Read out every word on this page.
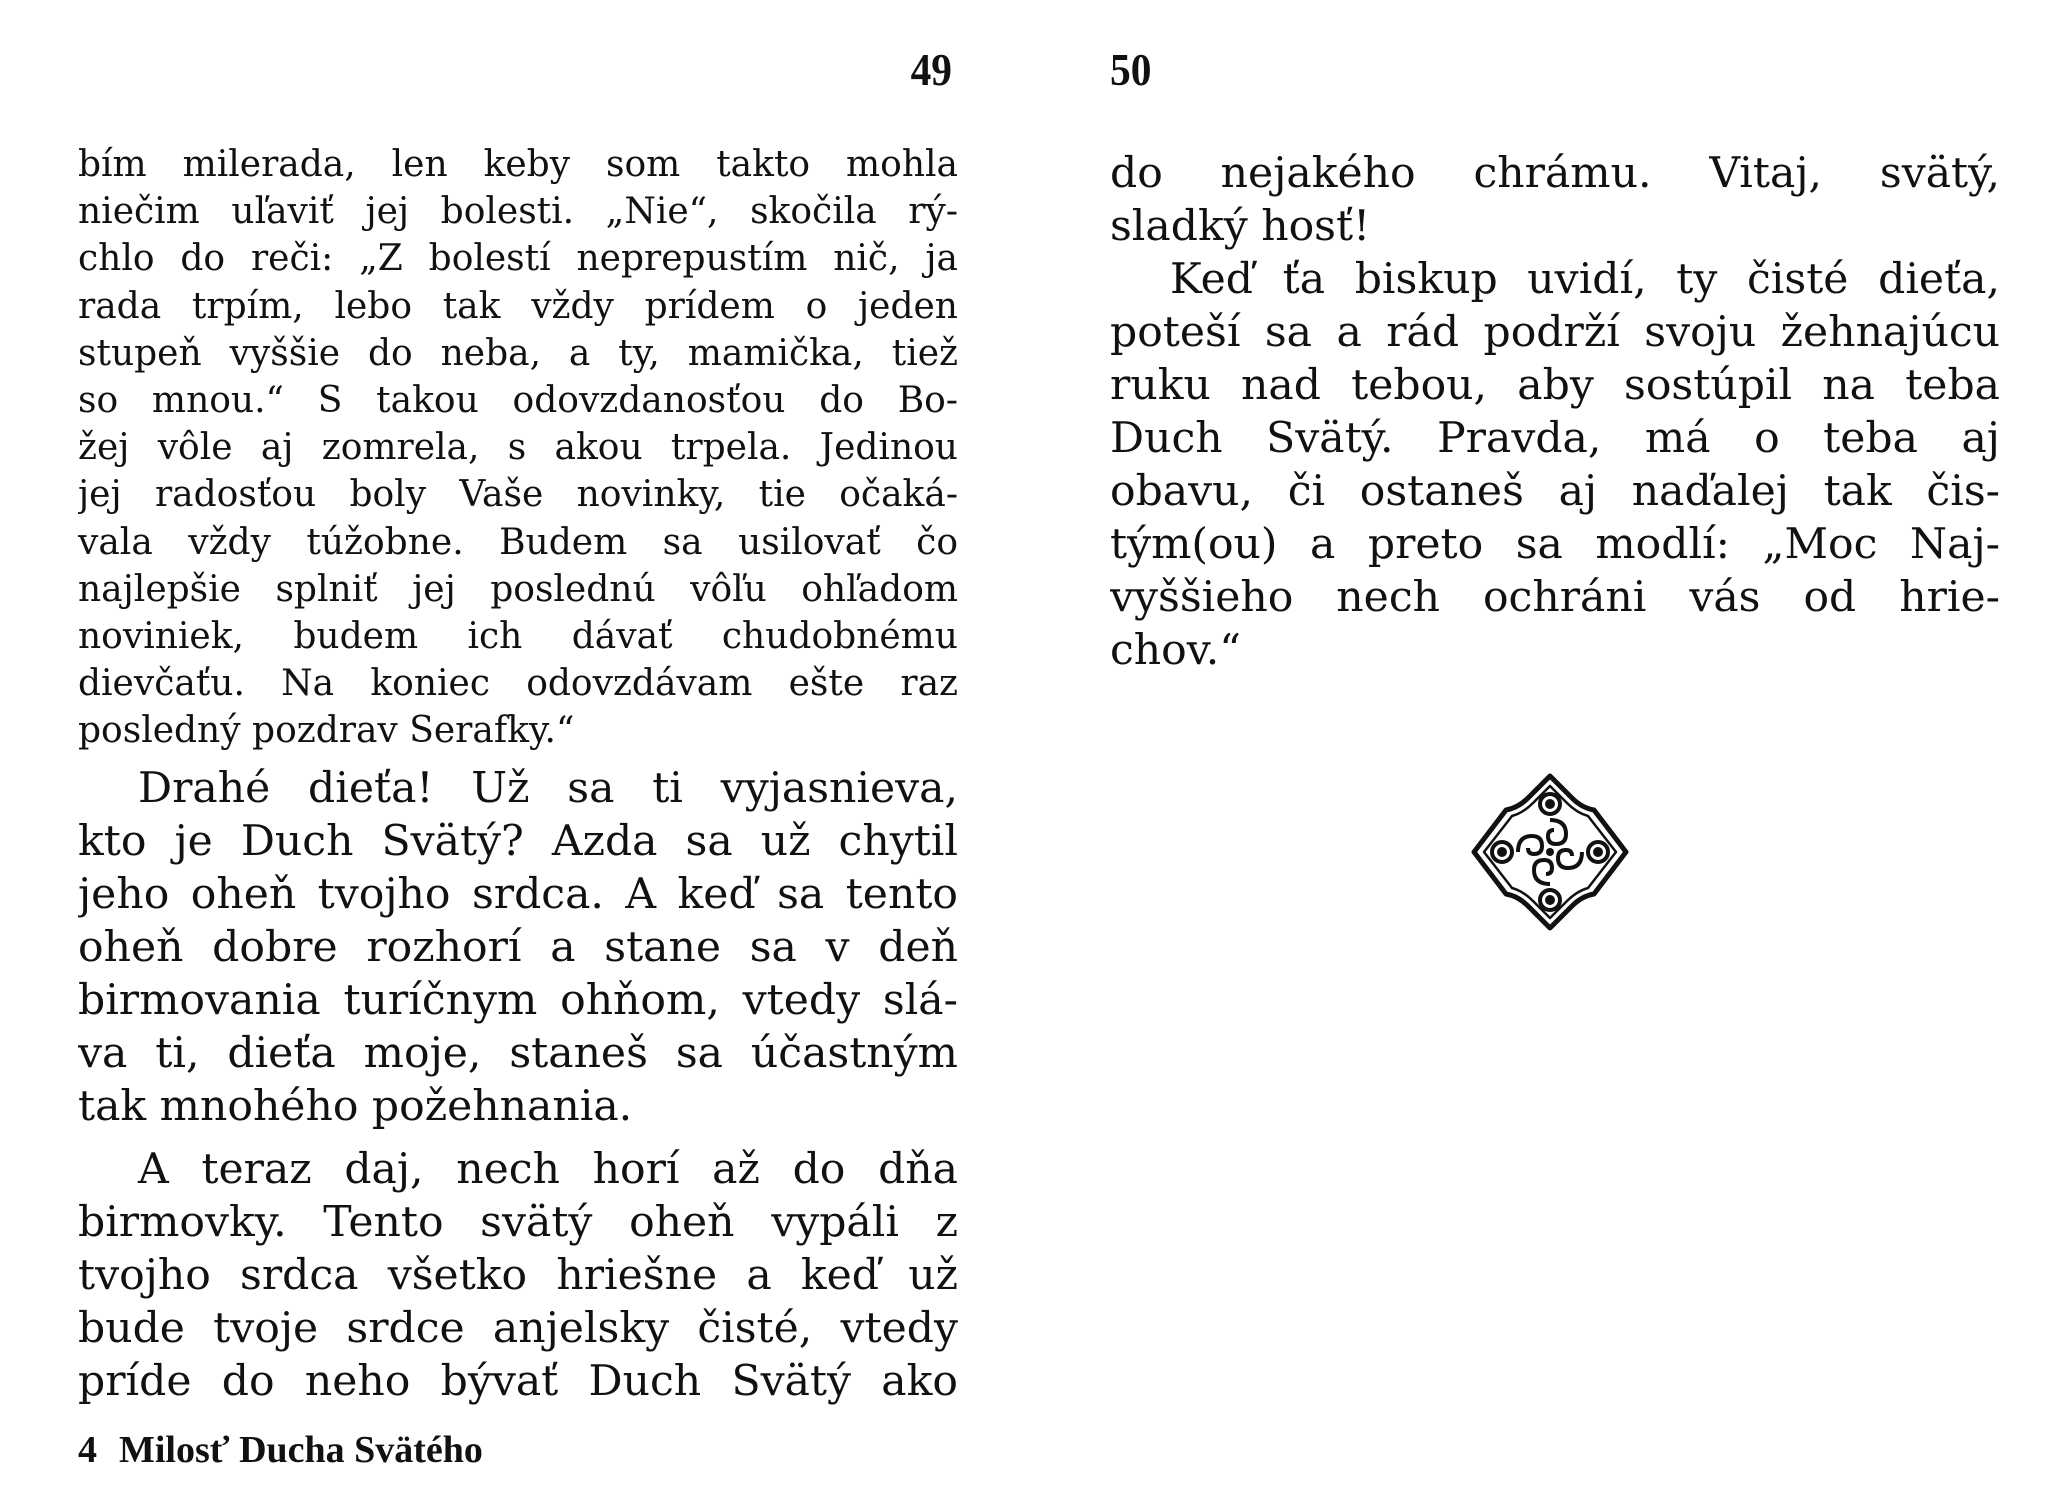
49
bím milerada, len keby som takto mohla
niečim uľaviť jej bolesti. „Nie“, skočila rý-
chlo do reči: „Z bolestí neprepustím nič, ja
rada trpím, lebo tak vždy prídem o jeden
stupeň vyššie do neba, a ty, mamička, tiež
so mnou.“ S takou odovzdanosťou do Bo-
žej vôle aj zomrela, s akou trpela. Jedinou
jej radosťou boly Vaše novinky, tie očaká-
vala vždy túžobne. Budem sa usilovať čo
najlepšie splniť jej poslednú vôľu ohľadom
noviniek, budem ich dávať chudobnému
dievčaťu. Na koniec odovzdávam ešte raz
posledný pozdrav Serafky.“
Drahé dieťa! Už sa ti vyjasnieva,
kto je Duch Svätý? Azda sa už chytil
jeho oheň tvojho srdca. A keď sa tento
oheň dobre rozhorí a stane sa v deň
birmovania turíčnym ohňom, vtedy slá-
va ti, dieťa moje, staneš sa účastným
tak mnohého požehnania.
A teraz daj, nech horí až do dňa
birmovky. Tento svätý oheň vypáli z
tvojho srdca všetko hriešne a keď už
bude tvoje srdce anjelsky čisté, vtedy
príde do neho bývať Duch Svätý ako
4 Milosť Ducha Svätého
50
do nejakého chrámu. Vitaj, svätý,
sladký hosť!
Keď ťa biskup uvidí, ty čisté dieťa,
poteší sa a rád podrží svoju žehnajúcu
ruku nad tebou, aby sostúpil na teba
Duch Svätý. Pravda, má o teba aj
obavu, či ostaneš aj naďalej tak čis-
tým(ou) a preto sa modlí: „Moc Naj-
vyššieho nech ochráni vás od hrie-
chov.“
